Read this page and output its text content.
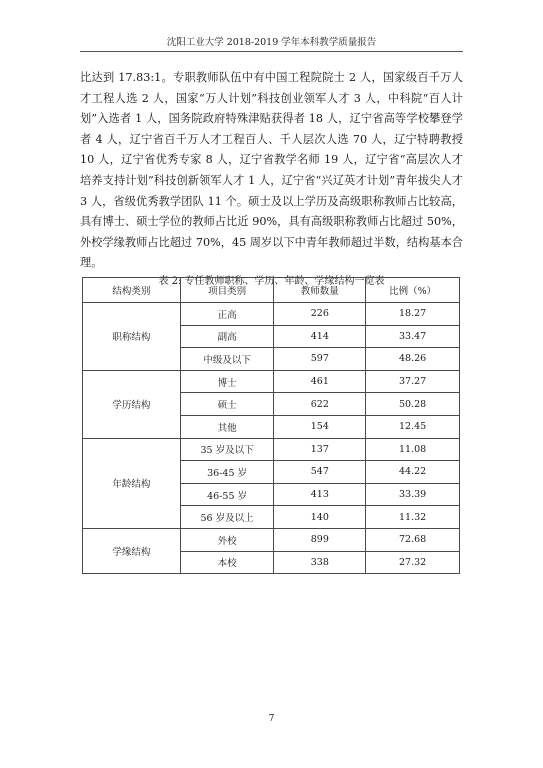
沈阳工业大学 2018-2019 学年本科教学质量报告

比达到 17.83:1。专职教师队伍中有中国工程院院士 2 人，国家级百千万人才工程人选 2 人，国家“万人计划”科技创业领军人才 3 人，中科院“百人计划”入选者 1 人，国务院政府特殊津贴获得者 18 人，辽宁省高等学校攀登学者 4 人，辽宁省百千万人才工程百人、千人层次人选 70 人，辽宁特聘教授 10 人，辽宁省优秀专家 8 人，辽宁省教学名师 19 人，辽宁省“高层次人才培养支持计划”科技创新领军人才 1 人，辽宁省“兴辽英才计划”青年拔尖人才 3 人，省级优秀教学团队 11 个。硕士及以上学历及高级职称教师占比较高，具有博士、硕士学位的教师占比近 90%，具有高级职称教师占比超过 50%，外校学缘教师占比超过 70%，45 周岁以下中青年教师超过半数，结构基本合理。

表 2: 专任教师职称、学历、年龄、学缘结构一览表
结构类别	项目类别	教师数量	比例（%）
职称结构	正高	226	18.27
	副高	414	33.47
	中级及以下	597	48.26
学历结构	博士	461	37.27
	硕士	622	50.28
	其他	154	12.45
年龄结构	35 岁及以下	137	11.08
	36-45 岁	547	44.22
	46-55 岁	413	33.39
	56 岁及以上	140	11.32
学缘结构	外校	899	72.68
	本校	338	27.32
7
